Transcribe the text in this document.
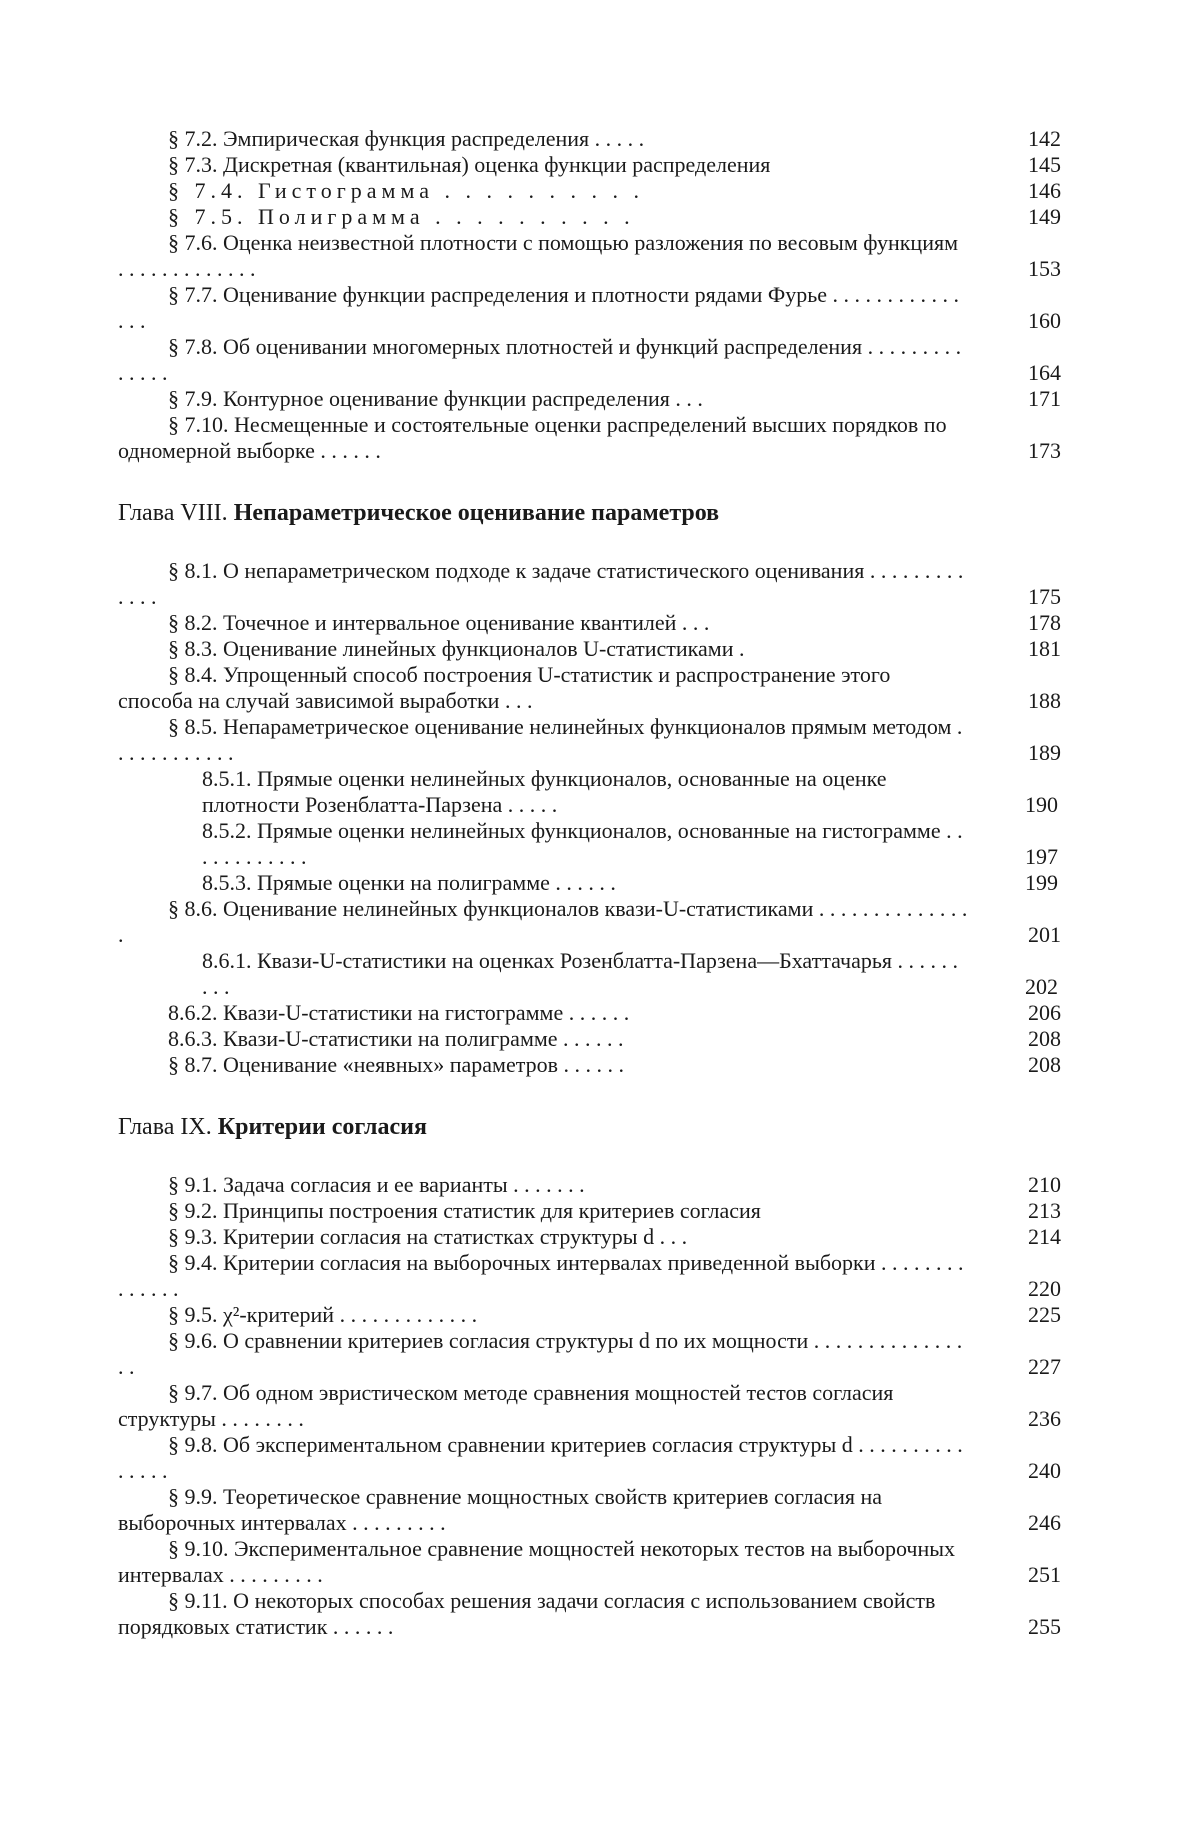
§ 7.2. Эмпирическая функция распределения . . . . .	142
§ 7.3. Дискретная (квантильная) оценка функции распределения	145
§ 7.4. Гистограмма . . . . . . . . . .	146
§ 7.5. Полиграмма . . . . . . . . . .	149
§ 7.6. Оценка неизвестной плотности с помощью разложения по весовым функциям . . . . . . . . . . . . .	153
§ 7.7. Оценивание функции распределения и плотности рядами Фурье . . . . . . . . . . . . . . .	160
§ 7.8. Об оценивании многомерных плотностей и функций распределения . . . . . . . . . . . . . .	164
§ 7.9. Контурное оценивание функции распределения . . .	171
§ 7.10. Несмещенные и состоятельные оценки распределений высших порядков по одномерной выборке . . . . . .	173
Глава VIII. Непараметрическое оценивание параметров
§ 8.1. О непараметрическом подходе к задаче статистического оценивания . . . . . . . . . . . . .	175
§ 8.2. Точечное и интервальное оценивание квантилей . . .	178
§ 8.3. Оценивание линейных функционалов U-статистиками .	181
§ 8.4. Упрощенный способ построения U-статистик и распространение этого способа на случай зависимой выработки . . .	188
§ 8.5. Непараметрическое оценивание нелинейных функционалов прямым методом . . . . . . . . . . . .	189
8.5.1. Прямые оценки нелинейных функционалов, основанные на оценке плотности Розенблатта-Парзена . . . . .	190
8.5.2. Прямые оценки нелинейных функционалов, основанные на гистограмме . . . . . . . . . . . .	197
8.5.3. Прямые оценки на полиграмме . . . . . .	199
§ 8.6. Оценивание нелинейных функционалов квази-U-статистиками . . . . . . . . . . . . . . .	201
8.6.1. Квази-U-статистики на оценках Розенблатта-Парзена—Бхаттачарья . . . . . . . . .	202
8.6.2. Квази-U-статистики на гистограмме . . . . . .	206
8.6.3. Квази-U-статистики на полиграмме . . . . . .	208
§ 8.7. Оценивание «неявных» параметров . . . . . .	208
Глава IX. Критерии согласия
§ 9.1. Задача согласия и ее варианты . . . . . . .	210
§ 9.2. Принципы построения статистик для критериев согласия	213
§ 9.3. Критерии согласия на статистках структуры d . . .	214
§ 9.4. Критерии согласия на выборочных интервалах приведенной выборки . . . . . . . . . . . . . .	220
§ 9.5. χ²-критерий . . . . . . . . . . . . .	225
§ 9.6. О сравнении критериев согласия структуры d по их мощности . . . . . . . . . . . . . . . .	227
§ 9.7. Об одном эвристическом методе сравнения мощностей тестов согласия структуры . . . . . . . .	236
§ 9.8. Об экспериментальном сравнении критериев согласия структуры d . . . . . . . . . . . . . . .	240
§ 9.9. Теоретическое сравнение мощностных свойств критериев согласия на выборочных интервалах . . . . . . . . .	246
§ 9.10. Экспериментальное сравнение мощностей некоторых тестов на выборочных интервалах . . . . . . . . .	251
§ 9.11. О некоторых способах решения задачи согласия с использованием свойств порядковых статистик . . . . . .	255
